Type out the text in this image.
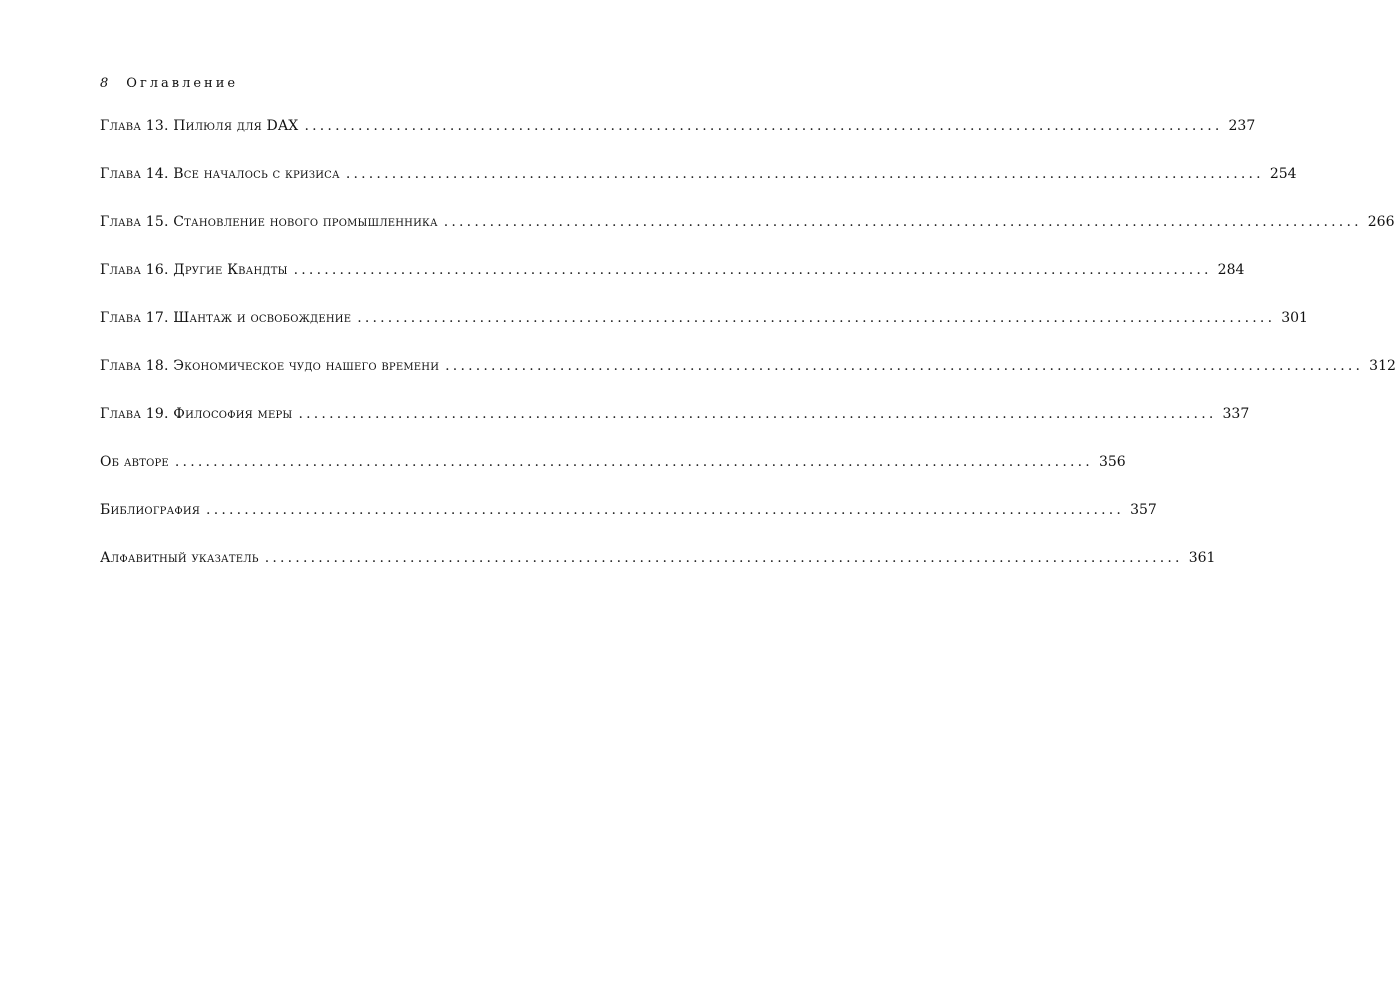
8 Оглавление
Глава 13. Пилюля для DAX ........................................................................................................................ 237
Глава 14. Все началось с кризиса ........................................................................................................................ 254
Глава 15. Становление нового промышленника ........................................................................................................................ 266
Глава 16. Другие Квандты ........................................................................................................................ 284
Глава 17. Шантаж и освобождение ........................................................................................................................ 301
Глава 18. Экономическое чудо нашего времени ........................................................................................................................ 312
Глава 19. Философия меры ........................................................................................................................ 337
Об авторе ........................................................................................................................ 356
Библиография ........................................................................................................................ 357
Алфавитный указатель ........................................................................................................................ 361
